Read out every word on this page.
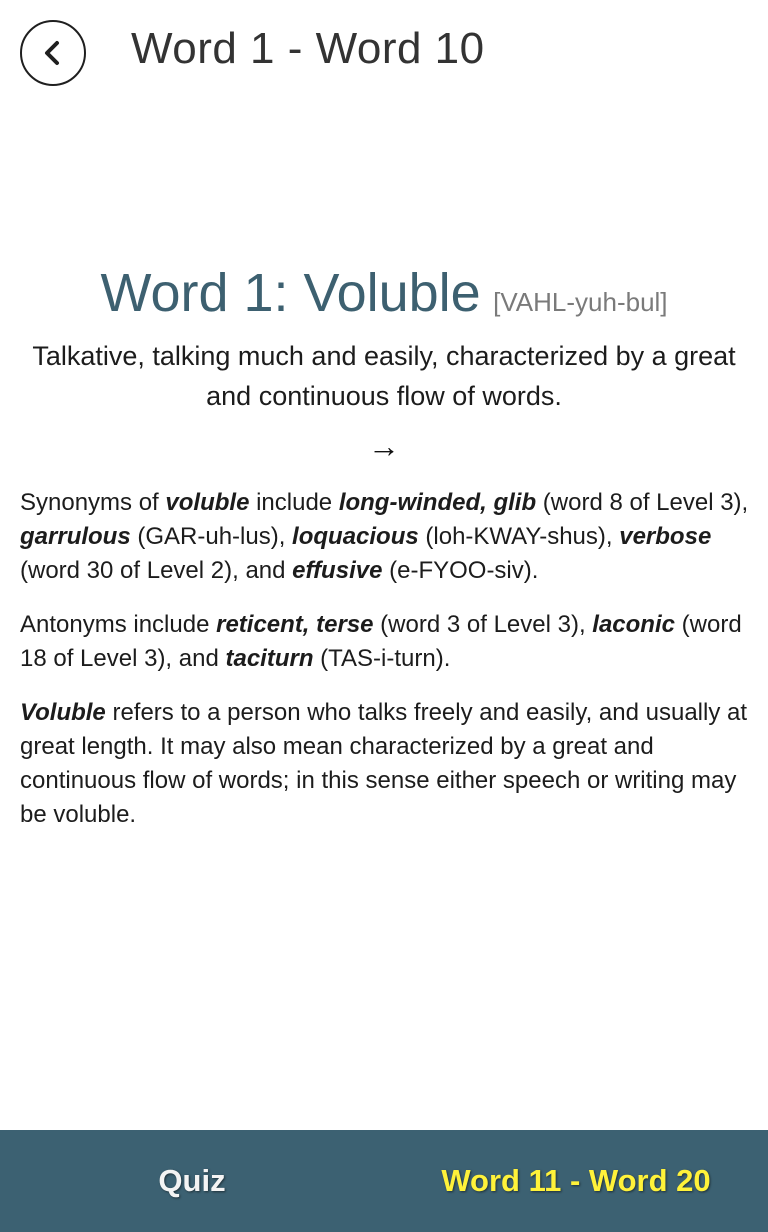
Word 1 - Word 10
Word 1: Voluble [VAHL-yuh-bul]
Talkative, talking much and easily, characterized by a great and continuous flow of words.
→

Synonyms of voluble include long-winded, glib (word 8 of Level 3), garrulous (GAR-uh-lus), loquacious (loh-KWAY-shus), verbose (word 30 of Level 2), and effusive (e-FYOO-siv).

Antonyms include reticent, terse (word 3 of Level 3), laconic (word 18 of Level 3), and taciturn (TAS-i-turn).

Voluble refers to a person who talks freely and easily, and usually at great length. It may also mean characterized by a great and continuous flow of words; in this sense either speech or writing may be voluble.

Quiz	Word 11 - Word 20
